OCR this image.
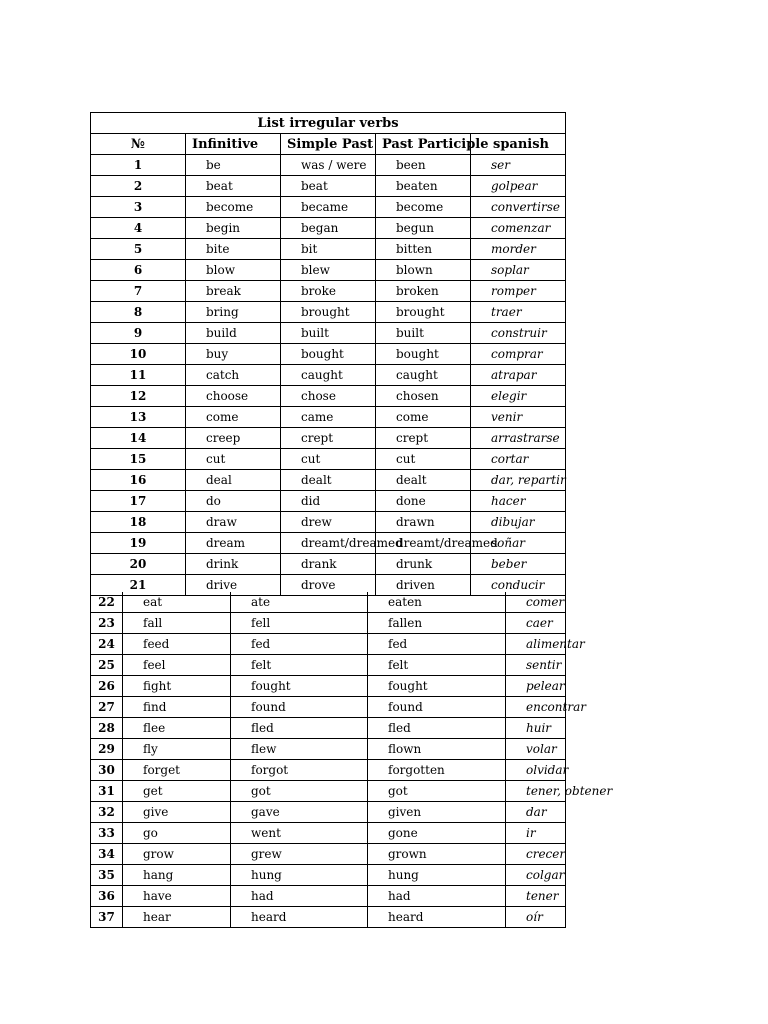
List irregular verbs				
№	Infinitive	Simple Past	Past Participle	spanish
1	be	was / were	been	ser
2	beat	beat	beaten	golpear
3	become	became	become	convertirse
4	begin	began	begun	comenzar
5	bite	bit	bitten	morder
6	blow	blew	blown	soplar
7	break	broke	broken	romper
8	bring	brought	brought	traer
9	build	built	built	construir
10	buy	bought	bought	comprar
11	catch	caught	caught	atrapar
12	choose	chose	chosen	elegir
13	come	came	come	venir
14	creep	crept	crept	arrastrarse
15	cut	cut	cut	cortar
16	deal	dealt	dealt	dar, repartir
17	do	did	done	hacer
18	draw	drew	drawn	dibujar
19	dream	dreamt/dreamed	dreamt/dreamed	soñar
20	drink	drank	drunk	beber
21	drive	drove	driven	conducir
22	eat	ate	eaten	comer
23	fall	fell	fallen	caer
24	feed	fed	fed	alimentar
25	feel	felt	felt	sentir
26	fight	fought	fought	pelear
27	find	found	found	encontrar
28	flee	fled	fled	huir
29	fly	flew	flown	volar
30	forget	forgot	forgotten	olvidar
31	get	got	got	tener, obtener
32	give	gave	given	dar
33	go	went	gone	ir
34	grow	grew	grown	crecer
35	hang	hung	hung	colgar
36	have	had	had	tener
37	hear	heard	heard	oír
